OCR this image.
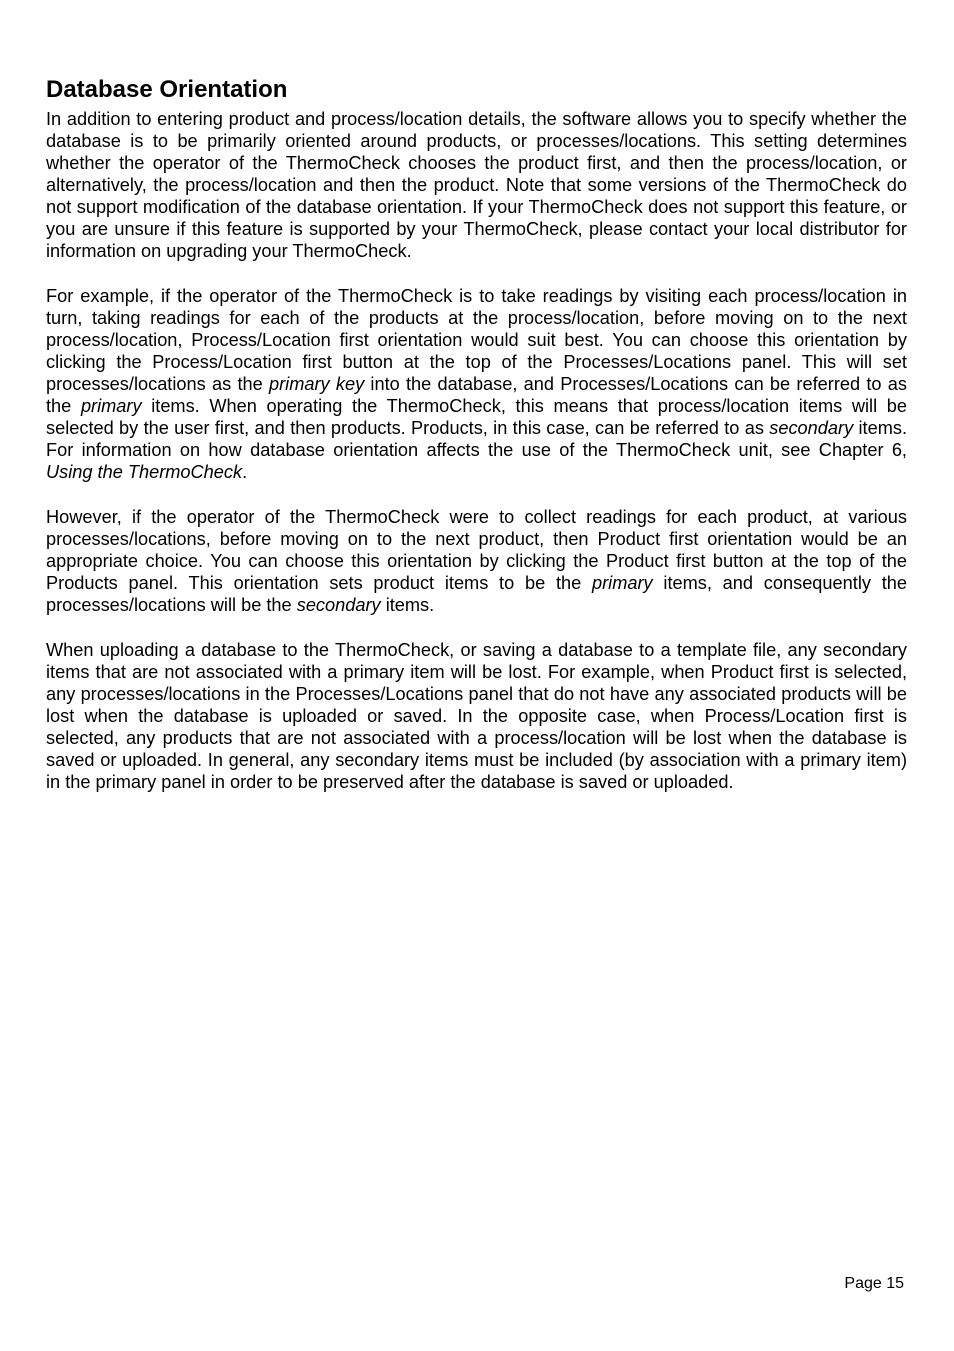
Database Orientation

In addition to entering product and process/location details, the software allows you to specify whether the database is to be primarily oriented around products, or processes/locations. This setting determines whether the operator of the ThermoCheck chooses the product first, and then the process/location, or alternatively, the process/location and then the product. Note that some versions of the ThermoCheck do not support modification of the database orientation. If your ThermoCheck does not support this feature, or you are unsure if this feature is supported by your ThermoCheck, please contact your local distributor for information on upgrading your ThermoCheck.

For example, if the operator of the ThermoCheck is to take readings by visiting each process/location in turn, taking readings for each of the products at the process/location, before moving on to the next process/location, Process/Location first orientation would suit best. You can choose this orientation by clicking the Process/Location first button at the top of the Processes/Locations panel. This will set processes/locations as the primary key into the database, and Processes/Locations can be referred to as the primary items. When operating the ThermoCheck, this means that process/location items will be selected by the user first, and then products. Products, in this case, can be referred to as secondary items. For information on how database orientation affects the use of the ThermoCheck unit, see Chapter 6, Using the ThermoCheck.

However, if the operator of the ThermoCheck were to collect readings for each product, at various processes/locations, before moving on to the next product, then Product first orientation would be an appropriate choice. You can choose this orientation by clicking the Product first button at the top of the Products panel. This orientation sets product items to be the primary items, and consequently the processes/locations will be the secondary items.

When uploading a database to the ThermoCheck, or saving a database to a template file, any secondary items that are not associated with a primary item will be lost. For example, when Product first is selected, any processes/locations in the Processes/Locations panel that do not have any associated products will be lost when the database is uploaded or saved. In the opposite case, when Process/Location first is selected, any products that are not associated with a process/location will be lost when the database is saved or uploaded. In general, any secondary items must be included (by association with a primary item) in the primary panel in order to be preserved after the database is saved or uploaded.

Page 15
